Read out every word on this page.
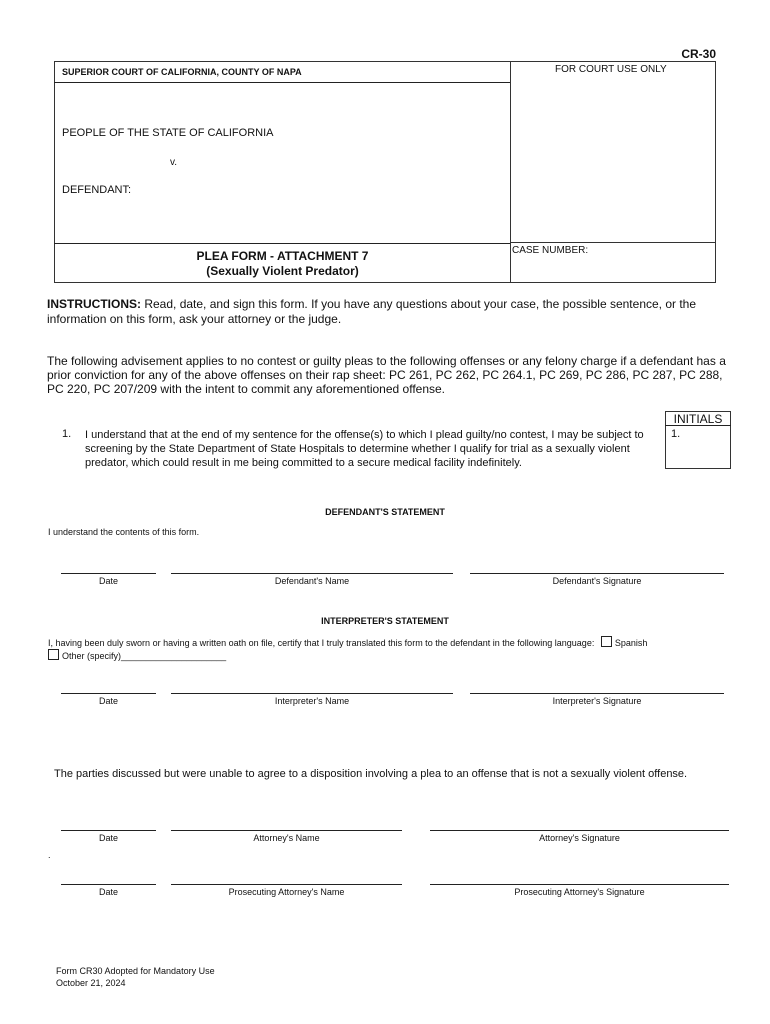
CR-30
SUPERIOR COURT OF CALIFORNIA, COUNTY OF NAPA	FOR COURT USE ONLY
PEOPLE OF THE STATE OF CALIFORNIA
v.
DEFENDANT:
PLEA FORM - ATTACHMENT 7
(Sexually Violent Predator)
CASE NUMBER:
INSTRUCTIONS: Read, date, and sign this form. If you have any questions about your case, the possible sentence, or the information on this form, ask your attorney or the judge.
The following advisement applies to no contest or guilty pleas to the following offenses or any felony charge if a defendant has a prior conviction for any of the above offenses on their rap sheet: PC 261, PC 262, PC 264.1, PC 269, PC 286, PC 287, PC 288, PC 220, PC 207/209 with the intent to commit any aforementioned offense.
INITIALS
1.
1. I understand that at the end of my sentence for the offense(s) to which I plead guilty/no contest, I may be subject to screening by the State Department of State Hospitals to determine whether I qualify for trial as a sexually violent predator, which could result in me being committed to a secure medical facility indefinitely.
DEFENDANT'S STATEMENT
I understand the contents of this form.
Date	Defendant's Name	Defendant's Signature
INTERPRETER'S STATEMENT
I, having been duly sworn or having a written oath on file, certify that I truly translated this form to the defendant in the following language: Spanish
Other (specify)_____________________
Date	Interpreter's Name	Interpreter's Signature
The parties discussed but were unable to agree to a disposition involving a plea to an offense that is not a sexually violent offense.
Date	Attorney's Name	Attorney's Signature
.
Date	Prosecuting Attorney's Name	Prosecuting Attorney's Signature
Form CR30 Adopted for Mandatory Use
October 21, 2024
